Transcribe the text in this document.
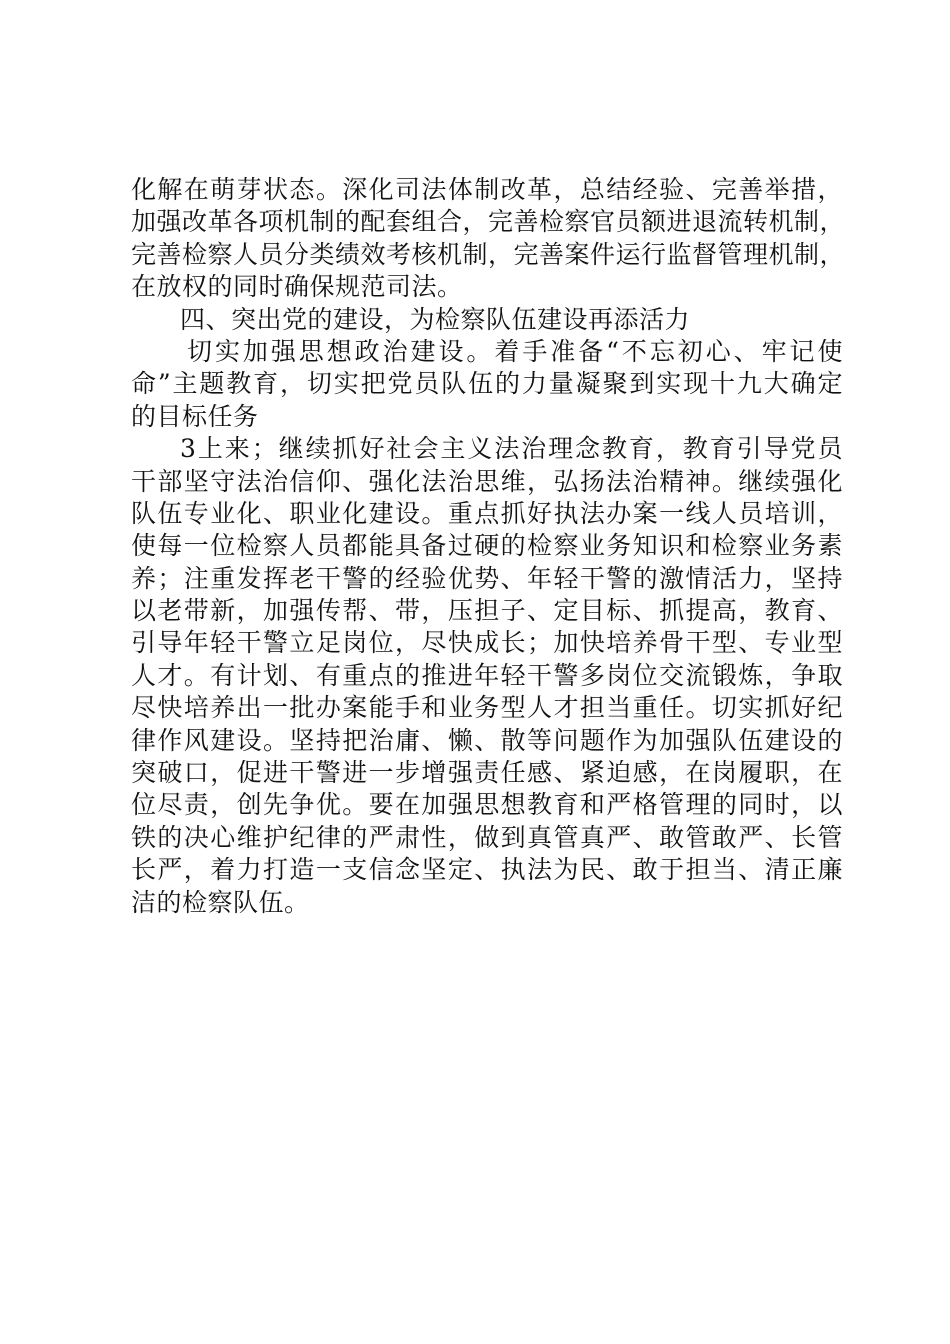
化解在萌芽状态。深化司法体制改革，总结经验、完善举措，
加强改革各项机制的配套组合，完善检察官员额进退流转机制，
完善检察人员分类绩效考核机制，完善案件运行监督管理机制，
在放权的同时确保规范司法。
四、突出党的建设，为检察队伍建设再添活力
切实加强思想政治建设。着手准备“不忘初心、牢记使
命”主题教育，切实把党员队伍的力量凝聚到实现十九大确定
的目标任务
3上来；继续抓好社会主义法治理念教育，教育引导党员
干部坚守法治信仰、强化法治思维，弘扬法治精神。继续强化
队伍专业化、职业化建设。重点抓好执法办案一线人员培训，
使每一位检察人员都能具备过硬的检察业务知识和检察业务素
养；注重发挥老干警的经验优势、年轻干警的激情活力，坚持
以老带新，加强传帮、带，压担子、定目标、抓提高，教育、
引导年轻干警立足岗位，尽快成长；加快培养骨干型、专业型
人才。有计划、有重点的推进年轻干警多岗位交流锻炼，争取
尽快培养出一批办案能手和业务型人才担当重任。切实抓好纪
律作风建设。坚持把治庸、懒、散等问题作为加强队伍建设的
突破口，促进干警进一步增强责任感、紧迫感，在岗履职，在
位尽责，创先争优。要在加强思想教育和严格管理的同时，以
铁的决心维护纪律的严肃性，做到真管真严、敢管敢严、长管
长严，着力打造一支信念坚定、执法为民、敢于担当、清正廉
洁的检察队伍。
